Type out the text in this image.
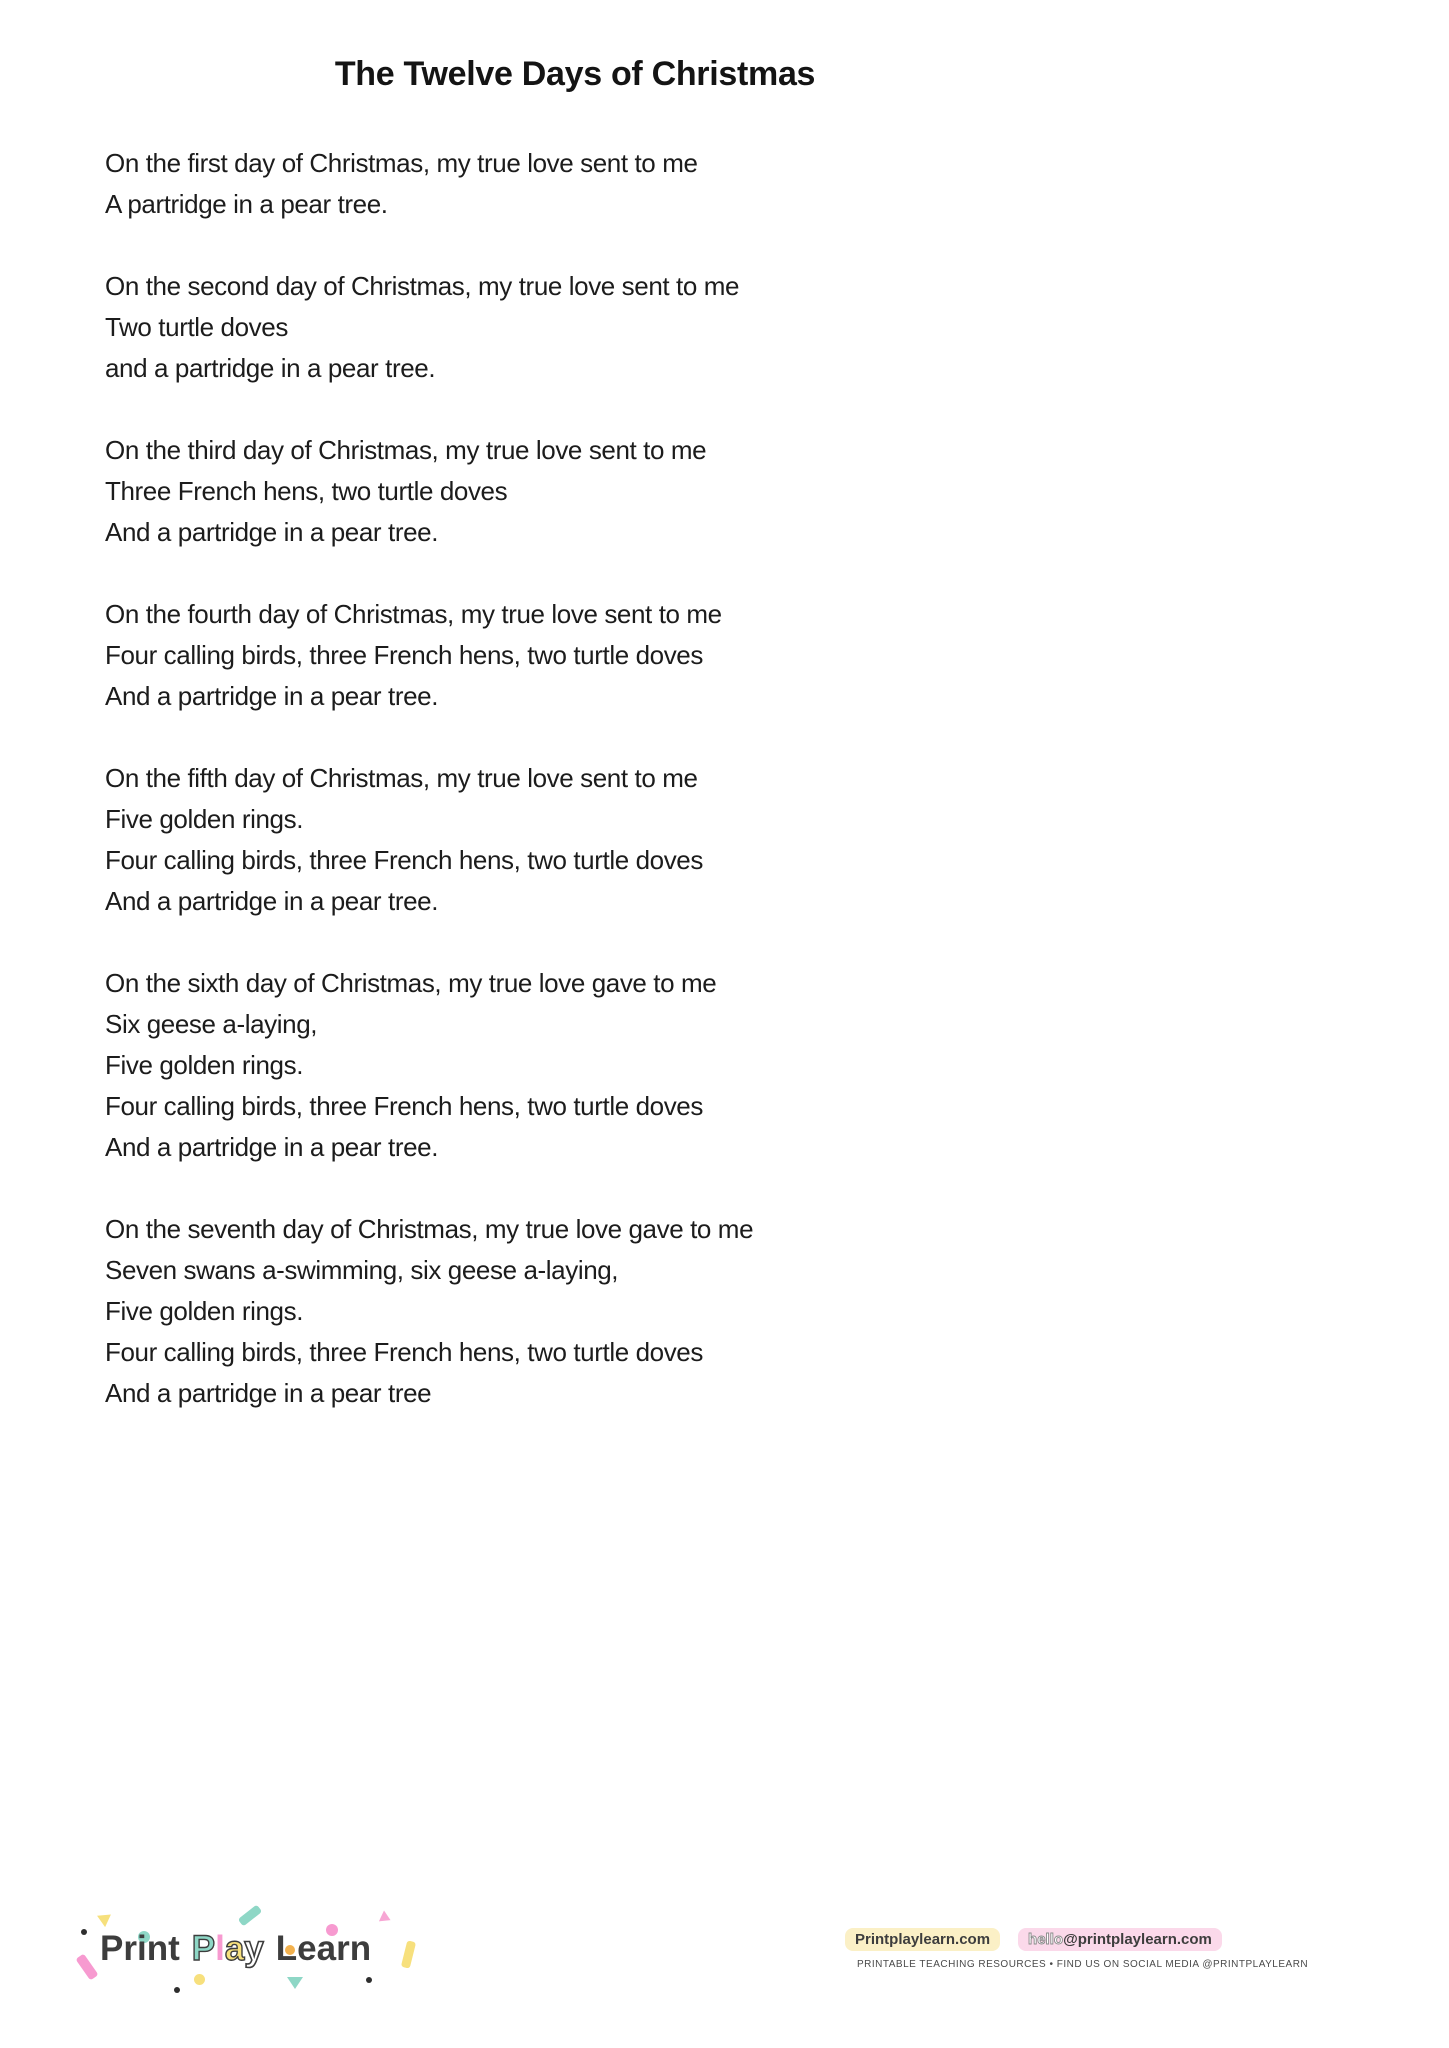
The Twelve Days of Christmas
On the first day of Christmas, my true love sent to me
A partridge in a pear tree.
On the second day of Christmas, my true love sent to me
Two turtle doves
and a partridge in a pear tree.
On the third day of Christmas, my true love sent to me
Three French hens, two turtle doves
And a partridge in a pear tree.
On the fourth day of Christmas, my true love sent to me
Four calling birds, three French hens, two turtle doves
And a partridge in a pear tree.
On the fifth day of Christmas, my true love sent to me
Five golden rings.
Four calling birds, three French hens, two turtle doves
And a partridge in a pear tree.
On the sixth day of Christmas, my true love gave to me
Six geese a-laying,
Five golden rings.
Four calling birds, three French hens, two turtle doves
And a partridge in a pear tree.
On the seventh day of Christmas, my true love gave to me
Seven swans a-swimming, six geese a-laying,
Five golden rings.
Four calling birds, three French hens, two turtle doves
And a partridge in a pear tree
Print Play Learn	Printplaylearn.com	hello@printplaylearn.com
PRINTABLE TEACHING RESOURCES • FIND US ON SOCIAL MEDIA @PRINTPLAYLEARN
